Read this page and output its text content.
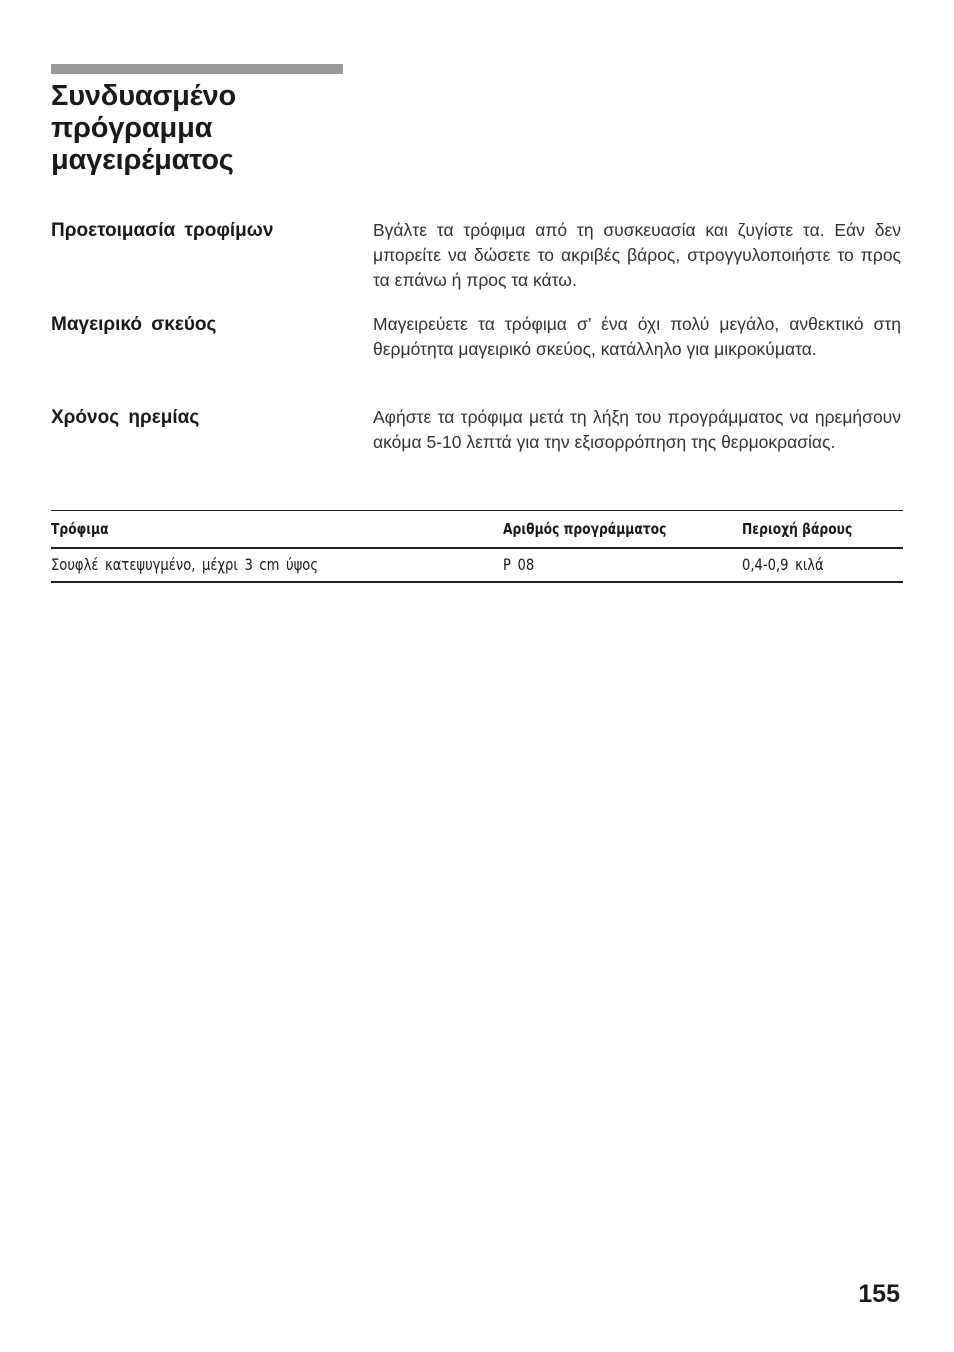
Συνδυασμένο
πρόγραμμα
μαγειρέματος
Προετοιμασία τροφίμων	Βγάλτε τα τρόφιμα από τη συσκευασία και ζυγίστε τα. Εάν δεν μπορείτε να δώσετε το ακριβές βάρος, στρογγυλοποιήστε το προς τα επάνω ή προς τα κάτω.

Μαγειρικό σκεύος	Μαγειρεύετε τα τρόφιμα σ’ ένα όχι πολύ μεγάλο, ανθεκτικό στη θερμότητα μαγειρικό σκεύος, κατάλληλο για μικροκύματα.

Χρόνος ηρεμίας	Αφήστε τα τρόφιμα μετά τη λήξη του προγράμματος να ηρεμήσουν ακόμα 5-10 λεπτά για την εξισορρόπηση της θερμοκρασίας.

Τρόφιμα	Αριθμός προγράμματος	Περιοχή βάρους
Σουφλέ κατεψυγμένο, μέχρι 3 cm ύψος	P 08	0,4-0,9 κιλά
155
